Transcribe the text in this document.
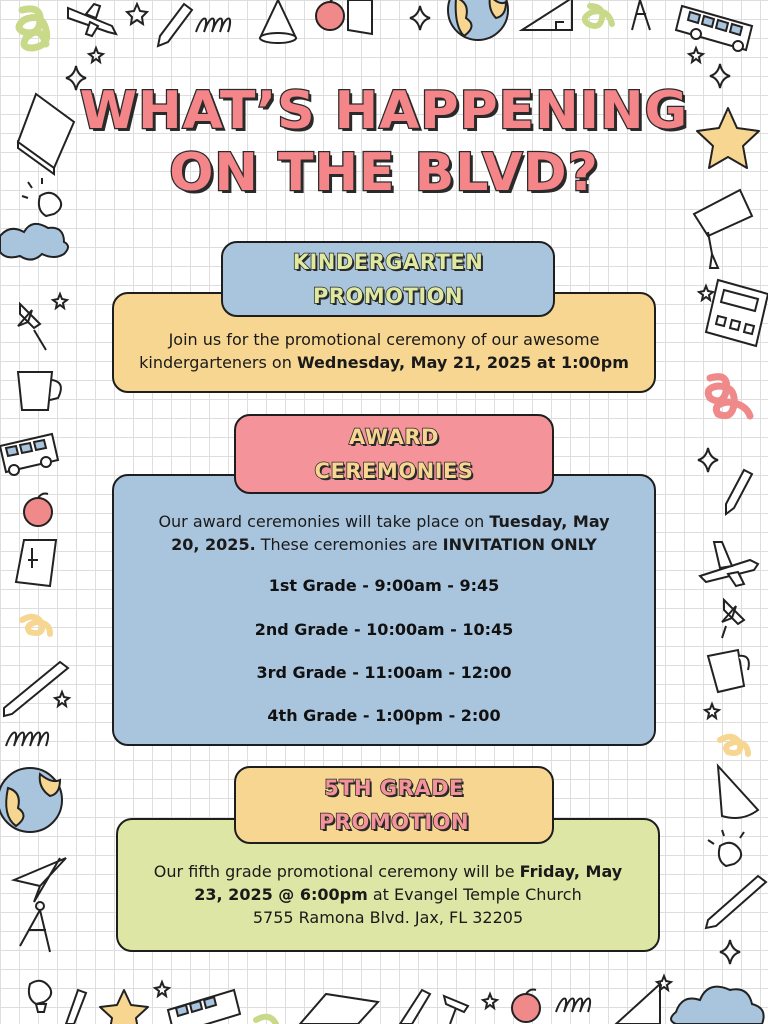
WHAT’S HAPPENING
ON THE BLVD?
KINDERGARTEN
PROMOTION
Join us for the promotional ceremony of our awesome
kindergarteners on Wednesday, May 21, 2025 at 1:00pm
AWARD
CEREMONIES
Our award ceremonies will take place on Tuesday, May
20, 2025. These ceremonies are INVITATION ONLY
1st Grade - 9:00am - 9:45
2nd Grade - 10:00am - 10:45
3rd Grade - 11:00am - 12:00
4th Grade - 1:00pm - 2:00
5TH GRADE
PROMOTION
Our fifth grade promotional ceremony will be Friday, May
23, 2025 @ 6:00pm at Evangel Temple Church
5755 Ramona Blvd. Jax, FL 32205
